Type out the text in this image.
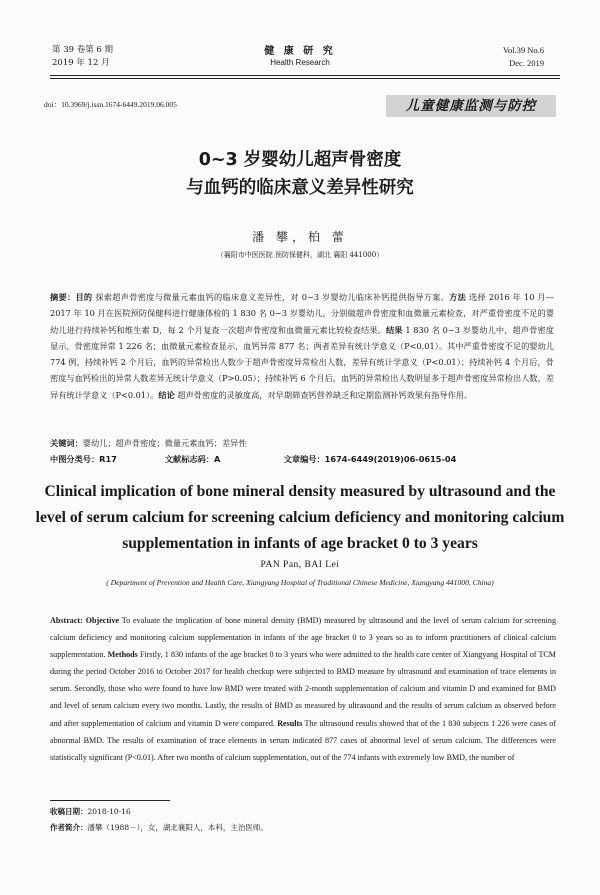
第 39 卷第 6 期
2019 年 12 月
健 康 研 究
Health Research
Vol.39 No.6
Dec. 2019
doi：10.3969/j.issn.1674-6449.2019.06.005	儿童健康监测与防控
0~3 岁婴幼儿超声骨密度
与血钙的临床意义差异性研究
潘 攀，柏 蕾
（襄阳市中医医院 预防保健科，湖北 襄阳 441000）
摘要：目的 探索超声骨密度与微量元素血钙的临床意义差异性，对 0~3 岁婴幼儿临床补钙提供指导方案。方法 选择 2016 年 10 月—2017 年 10 月在医院预防保健科进行健康体检的 1 830 名 0~3 岁婴幼儿，分别做超声骨密度和血微量元素检查，对严重骨密度不足的婴幼儿进行持续补钙和维生素 D，每 2 个月复查一次超声骨密度和血微量元素比较检查结果。结果 1 830 名 0~3 岁婴幼儿中，超声骨密度显示，骨密度异常 1 226 名；血微量元素检查显示，血钙异常 877 名；两者差异有统计学意义（P<0.01）。其中严重骨密度不足的婴幼儿 774 例，持续补钙 2 个月后，血钙的异常检出人数少于超声骨密度异常检出人数，差异有统计学意义（P<0.01）；持续补钙 4 个月后，骨密度与血钙检出的异常人数差异无统计学意义（P>0.05）；持续补钙 6 个月后，血钙的异常检出人数明显多于超声骨密度异常检出人数，差异有统计学意义（P<0.01）。结论 超声骨密度的灵敏度高，对早期筛查钙营养缺乏和定期监测补钙效果有指导作用。
关键词：婴幼儿；超声骨密度；微量元素血钙；差异性
中图分类号：R17	文献标志码：A	文章编号：1674-6449(2019)06-0615-04
Clinical implication of bone mineral density measured by ultrasound and the level of serum calcium for screening calcium deficiency and monitoring calcium supplementation in infants of age bracket 0 to 3 years
PAN Pan, BAI Lei
( Department of Prevention and Health Care, Xiangyang Hospital of Traditional Chinese Medicine, Xiangyang 441000, China)
Abstract: Objective To evaluate the implication of bone mineral density (BMD) measured by ultrasound and the level of serum calcium for screening calcium deficiency and monitoring calcium supplementation in infants of the age bracket 0 to 3 years so as to inform practitioners of clinical calcium supplementation. Methods Firstly, 1 830 infants of the age bracket 0 to 3 years who were admitted to the health care center of Xiangyang Hospital of TCM during the period October 2016 to October 2017 for health checkup were subjected to BMD measure by ultrasound and examination of trace elements in serum. Secondly, those who were found to have low BMD were treated with 2-month supplementation of calcium and vitamin D and examined for BMD and level of serum calcium every two months. Lastly, the results of BMD as measured by ultrasound and the results of serum calcium as observed before and after supplementation of calcium and vitamin D were compared. Results The ultrasound results showed that of the 1 830 subjects 1 226 were cases of abnormal BMD. The results of examination of trace elements in serum indicated 877 cases of abnormal level of serum calcium. The differences were statistically significant (P<0.01). After two months of calcium supplementation, out of the 774 infants with extremely low BMD, the number of
收稿日期：2018-10-16
作者简介：潘攀（1988－），女，湖北襄阳人，本科，主治医师。
